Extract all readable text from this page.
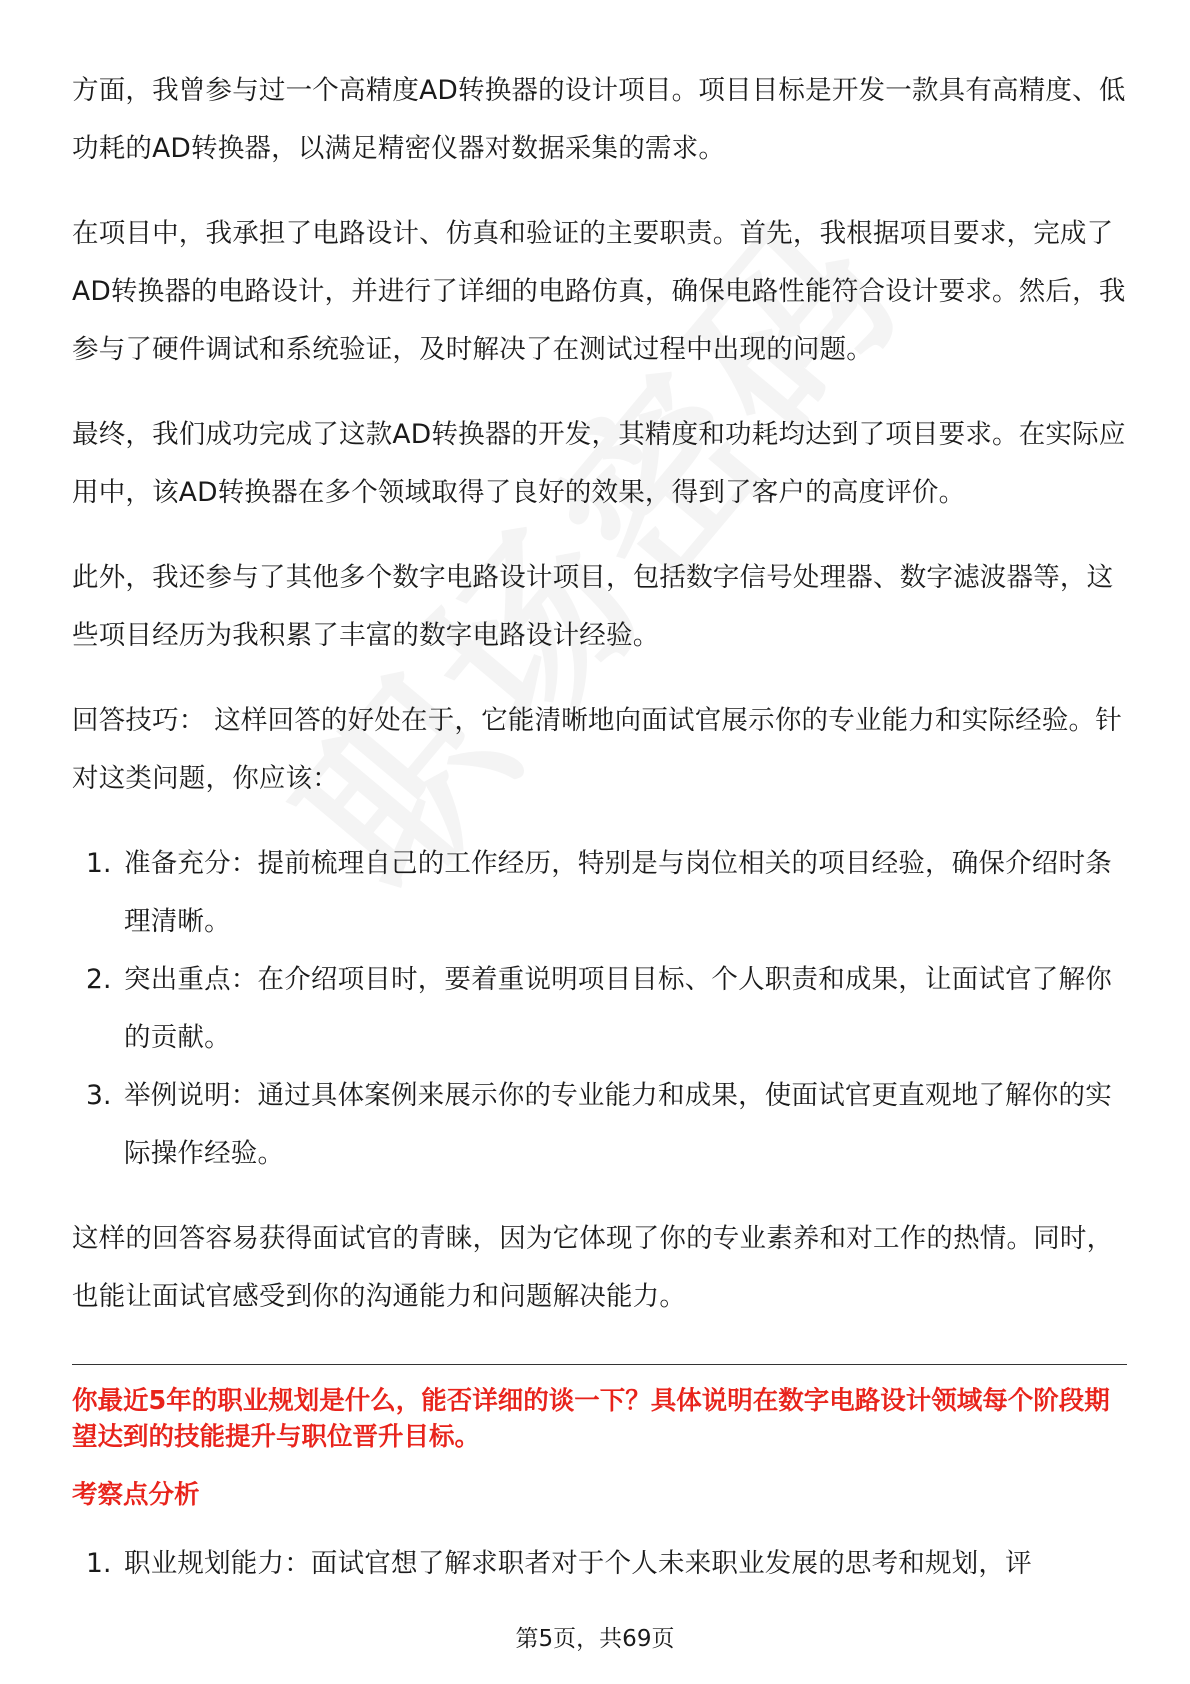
方面，我曾参与过一个高精度AD转换器的设计项目。项目目标是开发一款具有高精度、低功耗的AD转换器，以满足精密仪器对数据采集的需求。

在项目中，我承担了电路设计、仿真和验证的主要职责。首先，我根据项目要求，完成了AD转换器的电路设计，并进行了详细的电路仿真，确保电路性能符合设计要求。然后，我参与了硬件调试和系统验证，及时解决了在测试过程中出现的问题。

最终，我们成功完成了这款AD转换器的开发，其精度和功耗均达到了项目要求。在实际应用中，该AD转换器在多个领域取得了良好的效果，得到了客户的高度评价。

此外，我还参与了其他多个数字电路设计项目，包括数字信号处理器、数字滤波器等，这些项目经历为我积累了丰富的数字电路设计经验。

回答技巧： 这样回答的好处在于，它能清晰地向面试官展示你的专业能力和实际经验。针对这类问题，你应该：

1. 准备充分：提前梳理自己的工作经历，特别是与岗位相关的项目经验，确保介绍时条理清晰。
2. 突出重点：在介绍项目时，要着重说明项目目标、个人职责和成果，让面试官了解你的贡献。
3. 举例说明：通过具体案例来展示你的专业能力和成果，使面试官更直观地了解你的实际操作经验。

这样的回答容易获得面试官的青睐，因为它体现了你的专业素养和对工作的热情。同时，也能让面试官感受到你的沟通能力和问题解决能力。

你最近5年的职业规划是什么，能否详细的谈一下？具体说明在数字电路设计领域每个阶段期望达到的技能提升与职位晋升目标。

考察点分析

1. 职业规划能力：面试官想了解求职者对于个人未来职业发展的思考和规划，评
第5页，共69页
